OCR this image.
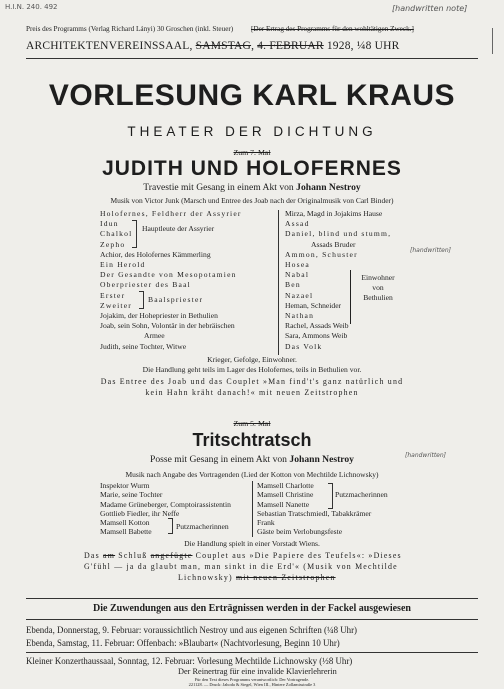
H.I.N. 240. 492	[handwritten note]
Preis des Programms (Verlag Richard Lányi) 30 Groschen (inkl. Steuer) [Der Ertrag des Programms für den wohltätigen Zweck.]
ARCHITEKTENVEREINSSAAL, SAMSTAG, 4. FEBRUAR 1928, ¼8 UHR
VORLESUNG KARL KRAUS
THEATER DER DICHTUNG
Zum 7. Mal
JUDITH UND HOLOFERNES
Travestie mit Gesang in einem Akt von Johann Nestroy
Musik von Victor Junk (Marsch und Entree des Joab nach der Originalmusik von Carl Binder)
Holofernes, Feldherr der Assyrier
Idun
Chalkol
Zepho
Achior, des Holofernes Kämmerling
Ein Herold
Der Gesandte von Mesopotamien
Oberpriester des Baal
Erster
Zweiter
Jojakim, der Hohepriester in Bethulien
Joab, sein Sohn, Volontär in der hebräischen
Armee
Judith, seine Tochter, Witwe
Hauptleute der Assyrier
Baalspriester
Mirza, Magd in Jojakims Hause
Assad
Daniel, blind und stumm,
Assads Bruder
Ammon, Schuster
Hosea
Nabal
Ben
Nazael
Heman, Schneider
Nathan
Rachel, Assads Weib
Sara, Ammons Weib
Das Volk
Einwohner
von
Bethulien
Krieger, Gefolge, Einwohner.
Die Handlung geht teils im Lager des Holofernes, teils in Bethulien vor.
Das Entree des Joab und das Couplet »Man find't's ganz natürlich und
kein Hahn kräht danach!« mit neuen Zeitstrophen
Zum 5. Mal
Tritschtratsch
Posse mit Gesang in einem Akt von Johann Nestroy
Musik nach Angabe des Vortragenden (Lied der Kotton von Mechtilde Lichnowsky)
Inspektor Wurm
Marie, seine Tochter
Madame Grüneberger, Comptoirassistentin
Gottlieb Fiedler, ihr Neffe
Mamsell Kotton
Mamsell Babette
Putzmacherinnen
Mamsell Charlotte
Mamsell Christine
Mamsell Nanette
Sebastian Tratschmiedl, Tabakkrämer
Frank
Gäste beim Verlobungsfeste
Putzmacherinnen
Die Handlung spielt in einer Vorstadt Wiens.
Das am Schluß angefügte Couplet aus »Die Papiere des Teufels«: »Dieses
G'fühl — ja da glaubt man, man sinkt in die Erd'« (Musik von Mechtilde
Lichnowsky) mit neuen Zeitstrophen
Die Zuwendungen aus den Erträgnissen werden in der Fackel ausgewiesen
Ebenda, Donnerstag, 9. Februar: voraussichtlich Nestroy und aus eigenen Schriften (¼8 Uhr)
Ebenda, Samstag, 11. Februar: Offenbach: »Blaubart« (Nachtvorlesung, Beginn 10 Uhr)
Kleiner Konzerthaussaal, Sonntag, 12. Februar: Vorlesung Mechtilde Lichnowsky (½8 Uhr)
Der Reinertrag für eine invalide Klavierlehrerin
Für den Text dieses Programms verantwortlich: Der Vortragende.
221128. — Druck: Jahoda & Siegel, Wien III., Hintere Zollamtsstraße 3
[handwritten]
[handwritten]
